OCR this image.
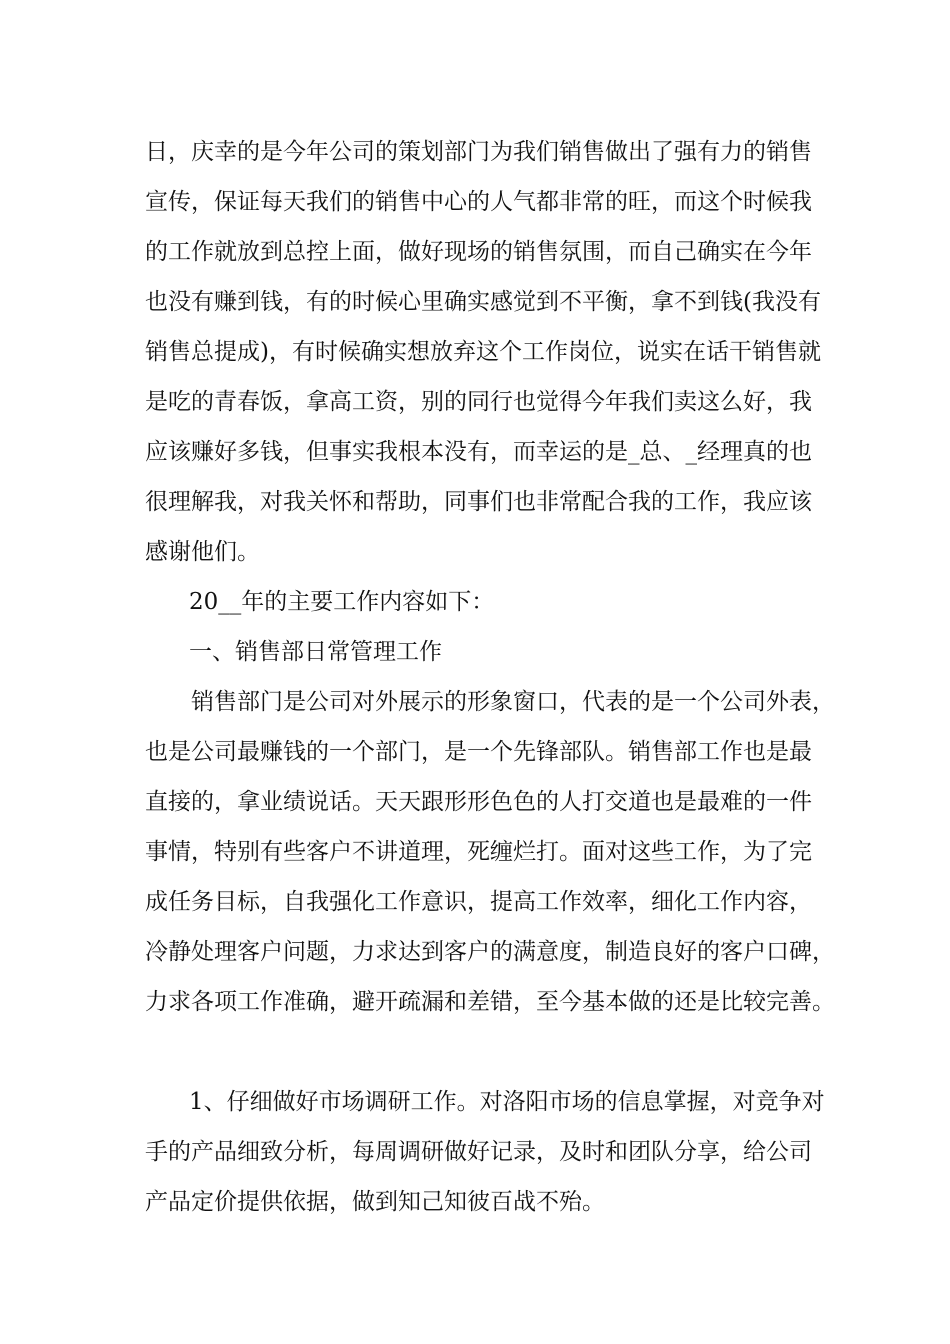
日，庆幸的是今年公司的策划部门为我们销售做出了强有力的销售
宣传，保证每天我们的销售中心的人气都非常的旺，而这个时候我
的工作就放到总控上面，做好现场的销售氛围，而自己确实在今年
也没有赚到钱，有的时候心里确实感觉到不平衡，拿不到钱(我没有
销售总提成)，有时候确实想放弃这个工作岗位，说实在话干销售就
是吃的青春饭，拿高工资，别的同行也觉得今年我们卖这么好，我
应该赚好多钱，但事实我根本没有，而幸运的是_总、_经理真的也
很理解我，对我关怀和帮助，同事们也非常配合我的工作，我应该
感谢他们。
20__年的主要工作内容如下：
一、销售部日常管理工作
销售部门是公司对外展示的形象窗口，代表的是一个公司外表，
也是公司最赚钱的一个部门，是一个先锋部队。销售部工作也是最
直接的，拿业绩说话。天天跟形形色色的人打交道也是最难的一件
事情，特别有些客户不讲道理，死缠烂打。面对这些工作，为了完
成任务目标，自我强化工作意识，提高工作效率，细化工作内容，
冷静处理客户问题，力求达到客户的满意度，制造良好的客户口碑，
力求各项工作准确，避开疏漏和差错，至今基本做的还是比较完善。
1、仔细做好市场调研工作。对洛阳市场的信息掌握，对竞争对
手的产品细致分析，每周调研做好记录，及时和团队分享，给公司
产品定价提供依据，做到知己知彼百战不殆。
